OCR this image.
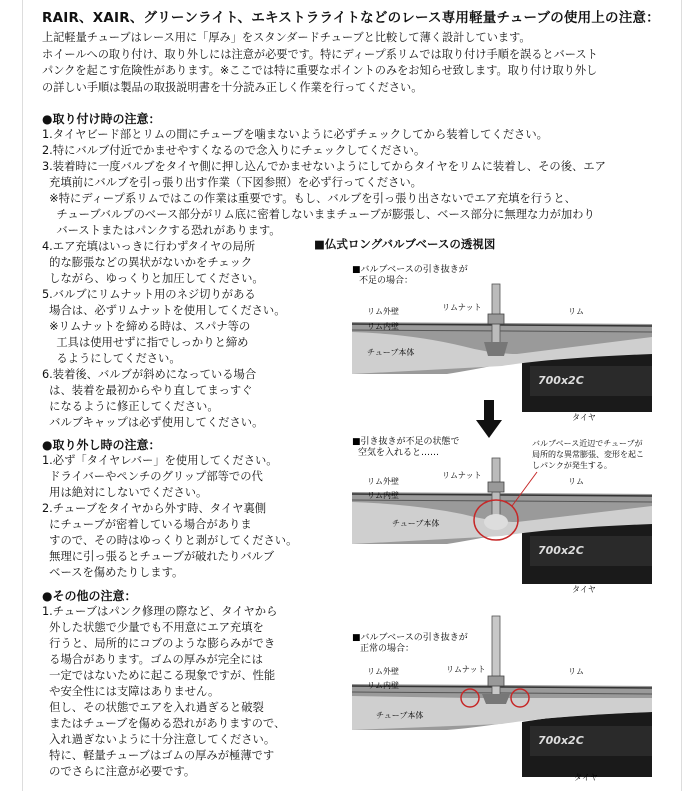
RAIR、XAIR、グリーンライト、エキストラライトなどのレース専用軽量チューブの使用上の注意：
上記軽量チューブはレース用に「厚み」をスタンダードチューブと比較して薄く設計しています。
ホイールへの取り付け、取り外しには注意が必要です。特にディープ系リムでは取り付け手順を誤るとバースト
パンクを起こす危険性があります。※ここでは特に重要なポイントのみをお知らせ致します。取り付け取り外し
の詳しい手順は製品の取扱説明書を十分読み正しく作業を行ってください。
●取り付け時の注意：
1.タイヤビード部とリムの間にチューブを噛まないように必ずチェックしてから装着してください。
2.特にバルブ付近でかませやすくなるので念入りにチェックしてください。
3.装着時に一度バルブをタイヤ側に押し込んでかませないようにしてからタイヤをリムに装着し、その後、エア
充填前にバルブを引っ張り出す作業（下図参照）を必ず行ってください。
※特にディープ系リムではこの作業は重要です。もし、バルブを引っ張り出さないでエア充填を行うと、
チューブバルブのベース部分がリム底に密着しないままチューブが膨張し、ベース部分に無理な力が加わり
バーストまたはパンクする恐れがあります。
4.エア充填はいっきに行わずタイヤの局所
的な膨張などの異状がないかをチェック
しながら、ゆっくりと加圧してください。
5.バルブにリムナット用のネジ切りがある
場合は、必ずリムナットを使用してください。
※リムナットを締める時は、スパナ等の
工具は使用せずに指でしっかりと締め
るようにしてください。
6.装着後、バルブが斜めになっている場合
は、装着を最初からやり直してまっすぐ
になるように修正してください。
バルブキャップは必ず使用してください。
●取り外し時の注意：
1.必ず「タイヤレバー」を使用してください。
ドライバーやペンチのグリップ部等での代
用は絶対にしないでください。
2.チューブをタイヤから外す時、タイヤ裏側
にチューブが密着している場合がありま
すので、その時はゆっくりと剥がしてください。
無理に引っ張るとチューブが破れたりバルブ
ベースを傷めたりします。
●その他の注意：
1.チューブはパンク修理の際など、タイヤから
外した状態で少量でも不用意にエア充填を
行うと、局所的にコブのような膨らみができ
る場合があります。ゴムの厚みが完全には
一定ではないために起こる現象ですが、性能
や安全性には支障はありません。
但し、その状態でエアを入れ過ぎると破裂
またはチューブを傷める恐れがありますので、
入れ過ぎないように十分注意してください。
特に、軽量チューブはゴムの厚みが極薄です
のでさらに注意が必要です。
■仏式ロングバルブベースの透視図
■バルブベースの引き抜きが
不足の場合：
700x2C
リム外壁
リム内壁
リムナット	リム
チューブ本体
タイヤ
■引き抜きが不足の状態で
空気を入れると……
バルブベース近辺でチューブが
局所的な異常膨張、変形を起こ
しパンクが発生する。
700x2C
リム外壁
リム内壁
リムナット
リム
チューブ本体
タイヤ
■バルブベースの引き抜きが
正常の場合：
700x2C
リム外壁
リム内壁
リムナット	リム
チューブ本体
タイヤ
